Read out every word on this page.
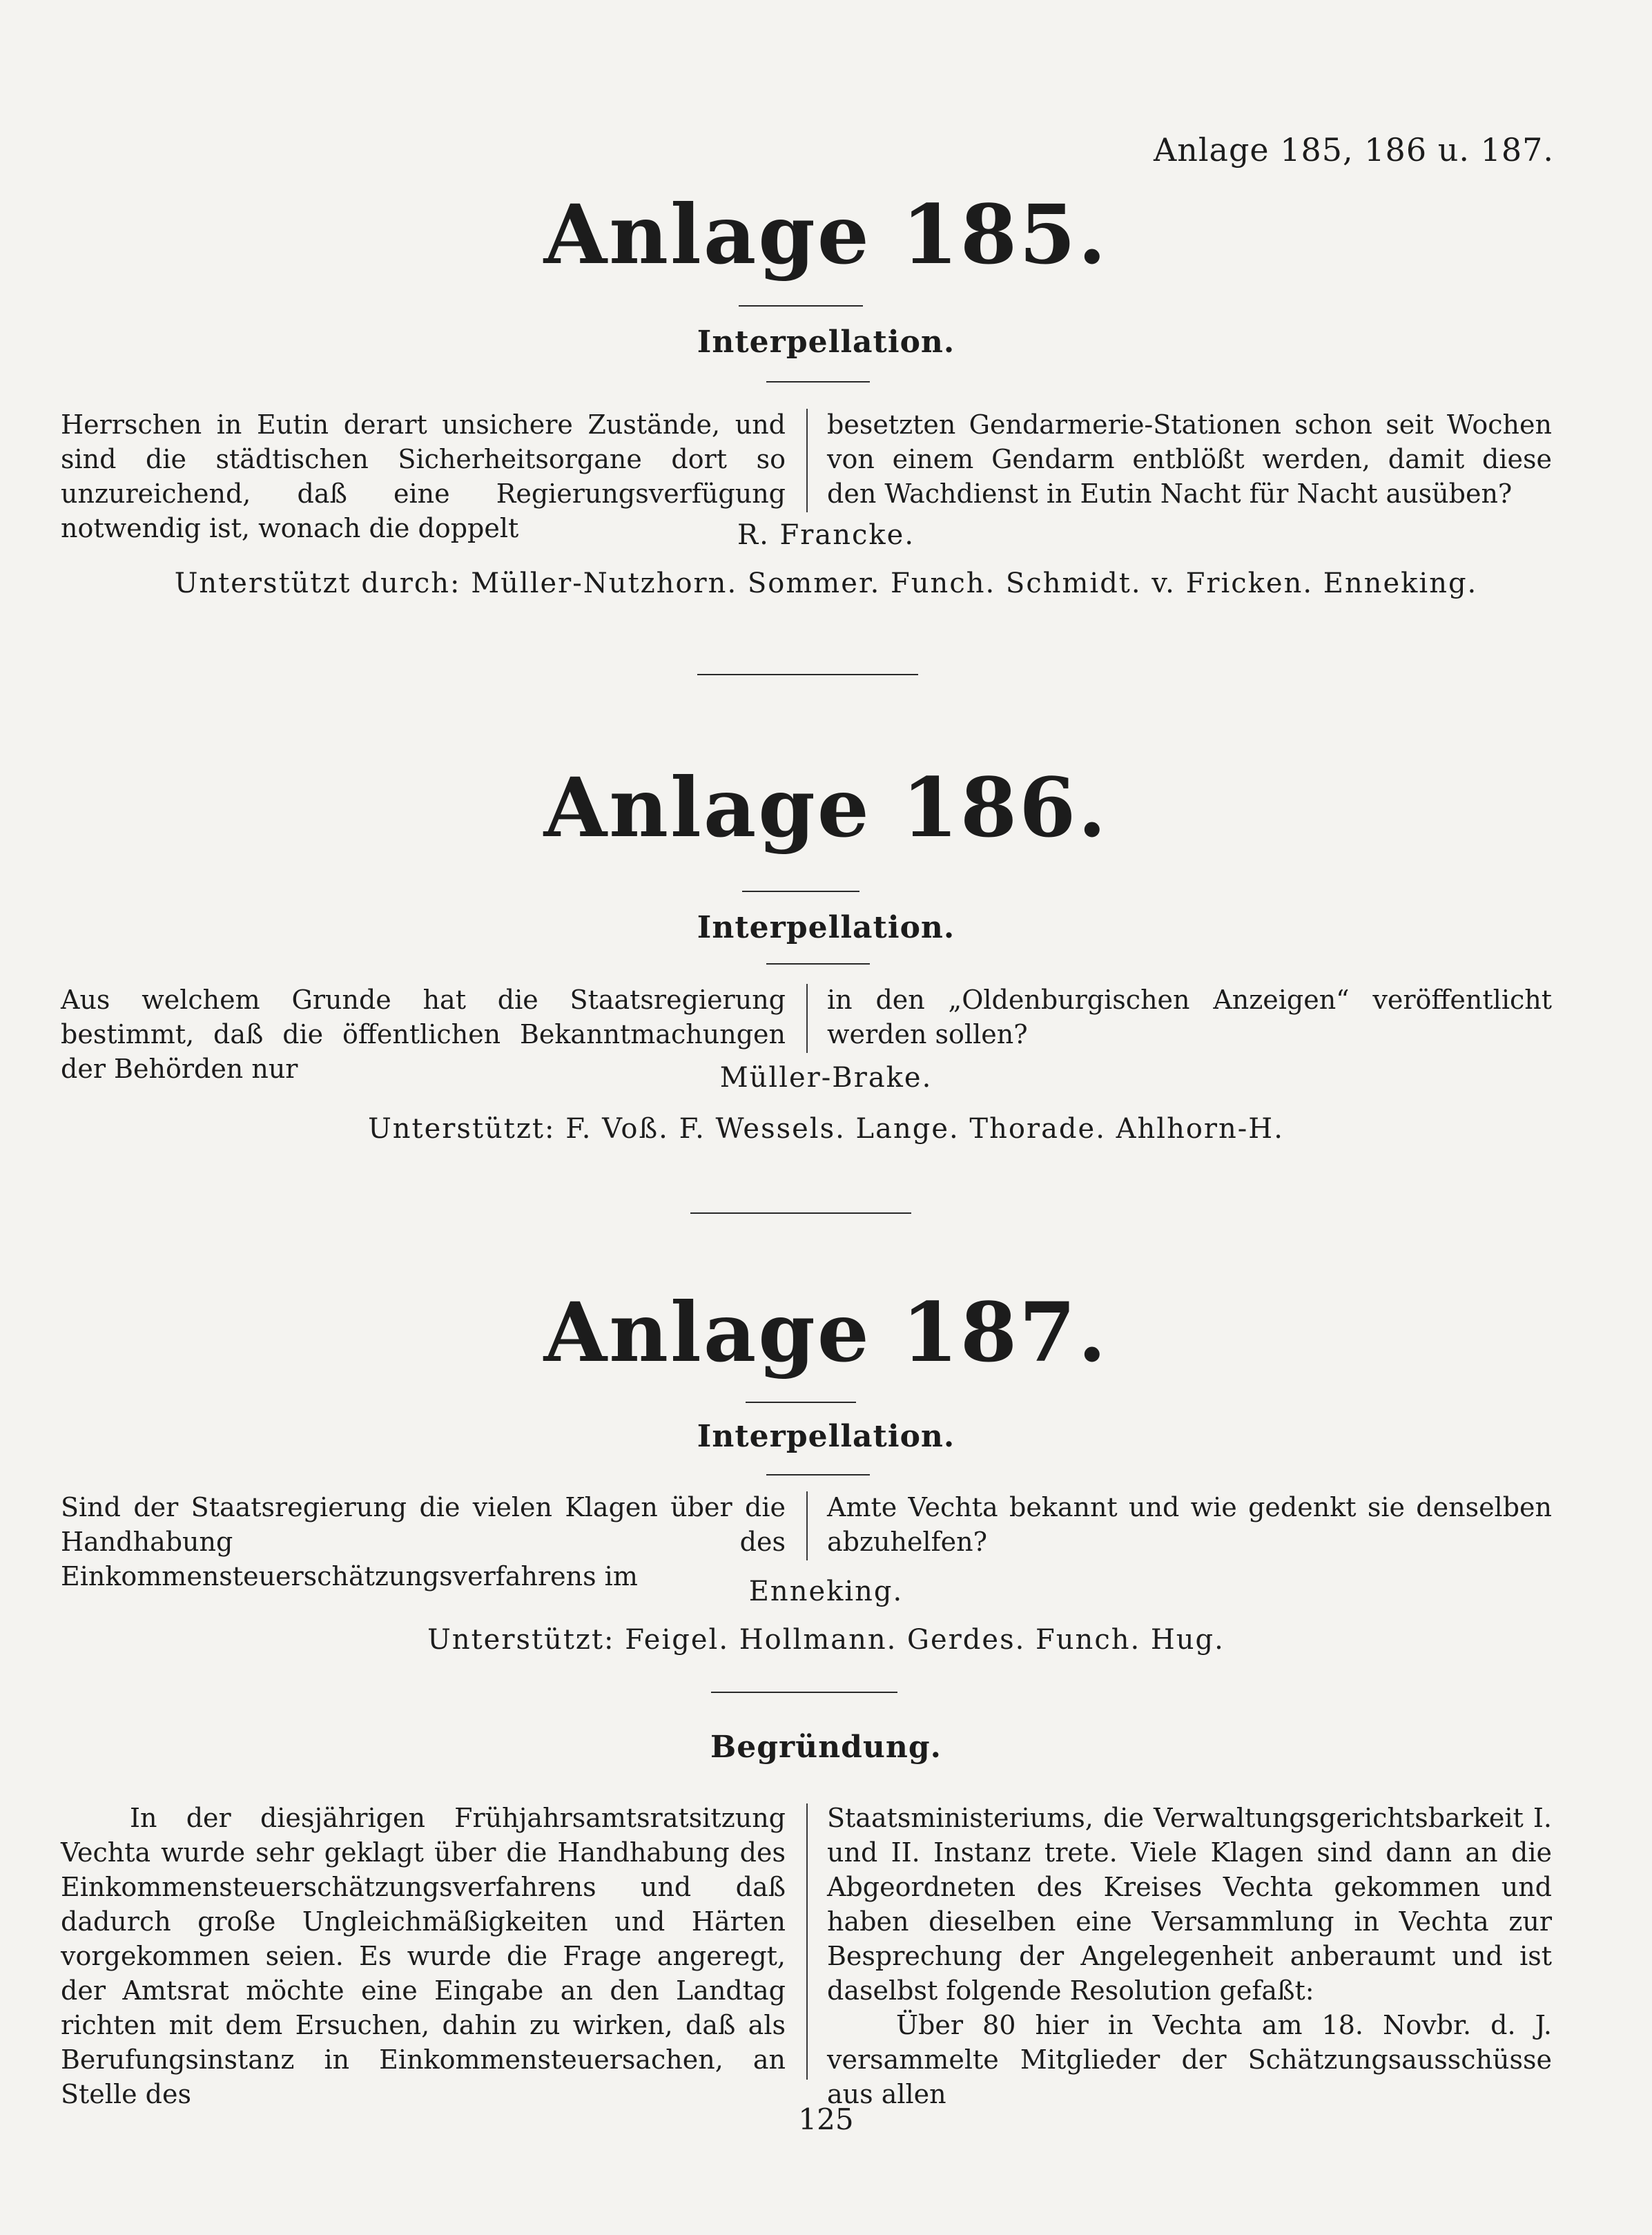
Anlage 185, 186 u. 187.
Anlage 185.
Interpellation.
Herrschen in Eutin derart unsichere Zustände, und sind die städtischen Sicherheitsorgane dort so unzureichend, daß eine Regierungsverfügung notwendig ist, wonach die doppelt
besetzten Gendarmerie-Stationen schon seit Wochen von einem Gendarm entblößt werden, damit diese den Wachdienst in Eutin Nacht für Nacht ausüben?
R. Francke.
Unterstützt durch: Müller-Nutzhorn. Sommer. Funch. Schmidt. v. Fricken. Enneking.
Anlage 186.
Interpellation.
Aus welchem Grunde hat die Staatsregierung bestimmt, daß die öffentlichen Bekanntmachungen der Behörden nur
in den „Oldenburgischen Anzeigen“ veröffentlicht werden sollen?
Müller-Brake.
Unterstützt: F. Voß. F. Wessels. Lange. Thorade. Ahlhorn-H.
Anlage 187.
Interpellation.
Sind der Staatsregierung die vielen Klagen über die Handhabung des Einkommensteuerschätzungsverfahrens im
Amte Vechta bekannt und wie gedenkt sie denselben abzuhelfen?
Enneking.
Unterstützt: Feigel. Hollmann. Gerdes. Funch. Hug.
Begründung.
In der diesjährigen Frühjahrsamtsratsitzung Vechta wurde sehr geklagt über die Handhabung des Einkommensteuerschätzungsverfahrens und daß dadurch große Ungleichmäßigkeiten und Härten vorgekommen seien. Es wurde die Frage angeregt, der Amtsrat möchte eine Eingabe an den Landtag richten mit dem Ersuchen, dahin zu wirken, daß als Berufungsinstanz in Einkommensteuersachen, an Stelle des
Staatsministeriums, die Verwaltungsgerichtsbarkeit I. und II. Instanz trete. Viele Klagen sind dann an die Abgeordneten des Kreises Vechta gekommen und haben dieselben eine Versammlung in Vechta zur Besprechung der Angelegenheit anberaumt und ist daselbst folgende Resolution gefaßt:
Über 80 hier in Vechta am 18. Novbr. d. J. versammelte Mitglieder der Schätzungsausschüsse aus allen
125
